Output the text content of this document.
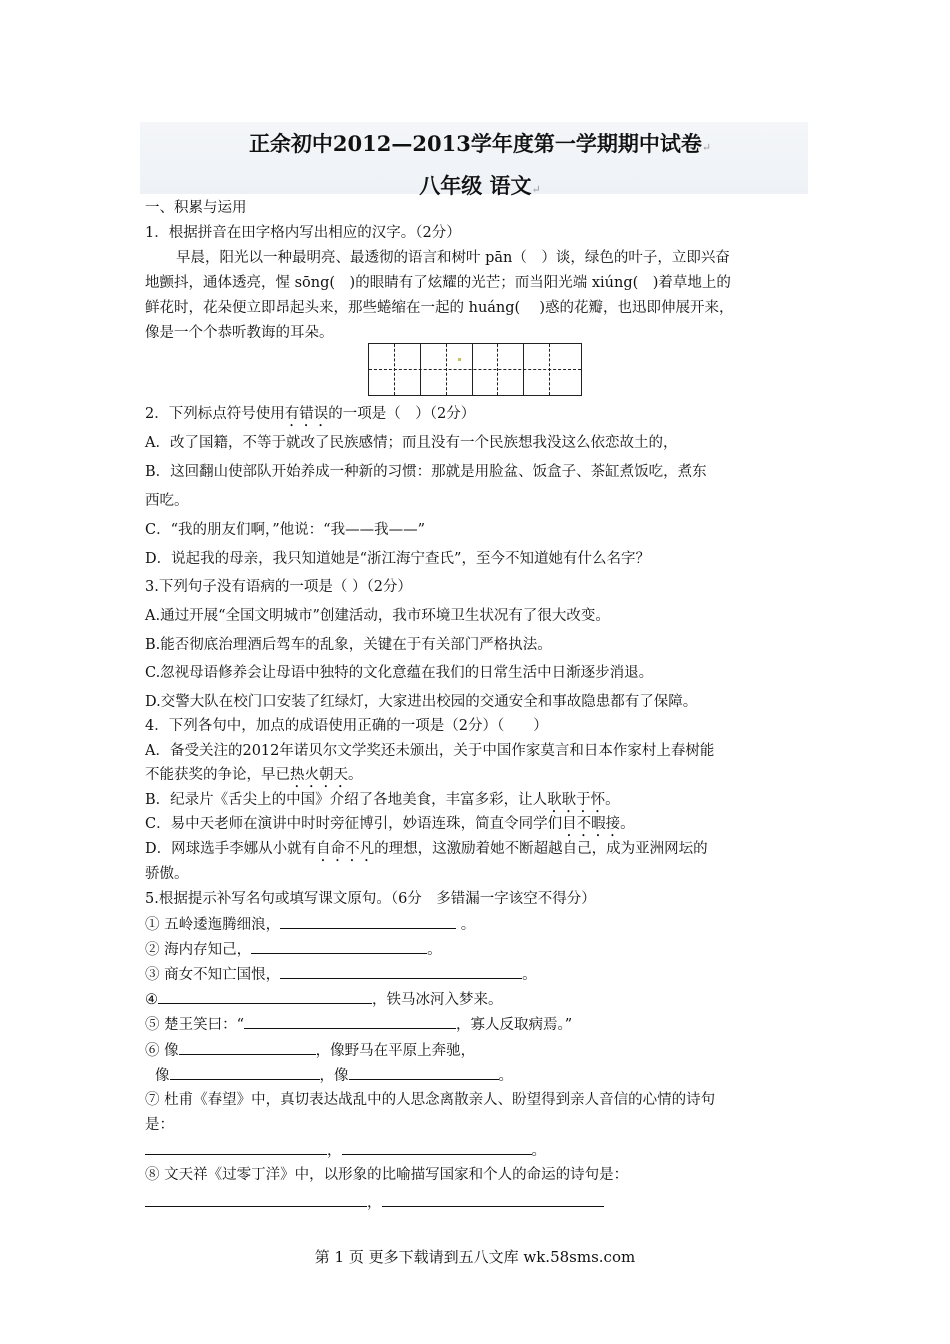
正余初中2012—2013学年度第一学期期中试卷↵
八年级 语文↵
一、积累与运用
1．根据拼音在田字格内写出相应的汉字。（2分）
早晨，阳光以一种最明亮、最透彻的语言和树叶 pān（　）谈，绿色的叶子，立即兴奋
地颤抖，通体透亮，惺 sōng(　)的眼睛有了炫耀的光芒；而当阳光端 xiúng(　)着草地上的
鲜花时，花朵便立即昂起头来，那些蜷缩在一起的 huáng(　 )惑的花瓣，也迅即伸展开来，
像是一个个恭听教诲的耳朵。
2．下列标点符号使用有错误的一项是（　）（2分）
A．改了国籍，不等于就改了民族感情；而且没有一个民族想我没这么依恋故土的，
B．这回翻山使部队开始养成一种新的习惯：那就是用脸盆、饭盒子、茶缸煮饭吃，煮东
西吃。
C．“我的朋友们啊，”他说：“我——我——”
D．说起我的母亲，我只知道她是“浙江海宁查氏”，至今不知道她有什么名字？
3.下列句子没有语病的一项是（ ）（2分）
A.通过开展“全国文明城市”创建活动，我市环境卫生状况有了很大改变。
B.能否彻底治理酒后驾车的乱象，关键在于有关部门严格执法。
C.忽视母语修养会让母语中独特的文化意蕴在我们的日常生活中日渐逐步消退。
D.交警大队在校门口安装了红绿灯，大家进出校园的交通安全和事故隐患都有了保障。
4．下列各句中，加点的成语使用正确的一项是（2分）（　　）
A．备受关注的2012年诺贝尔文学奖还未颁出，关于中国作家莫言和日本作家村上春树能
不能获奖的争论，早已热火朝天。
B．纪录片《舌尖上的中国》介绍了各地美食，丰富多彩，让人耿耿于怀。
C．易中天老师在演讲中时时旁征博引，妙语连珠，简直令同学们目不暇接。
D．网球选手李娜从小就有自命不凡的理想，这激励着她不断超越自己，成为亚洲网坛的
骄傲。
5.根据提示补写名句或填写课文原句。（6分　多错漏一字该空不得分）
① 五岭逶迤腾细浪，	。
② 海内存知己，	。
③ 商女不知亡国恨，	。
④	，铁马冰河入梦来。
⑤ 楚王笑曰：“	，寡人反取病焉。”
⑥ 像	，像野马在平原上奔驰，
像	，像	。
⑦ 杜甫《春望》中，真切表达战乱中的人思念离散亲人、盼望得到亲人音信的心情的诗句
是：
，	。
⑧ 文天祥《过零丁洋》中，以形象的比喻描写国家和个人的命运的诗句是：
，
第 1 页 更多下载请到五八文库 wk.58sms.com
